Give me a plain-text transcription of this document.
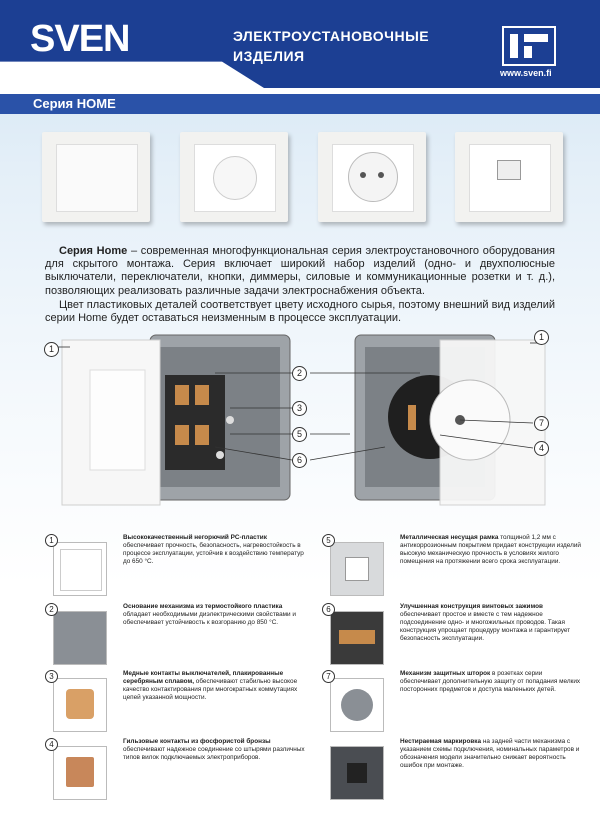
SVEN
YOU WANT – WE CAN
ЭЛЕКТРОУСТАНОВОЧНЫЕ
ИЗДЕЛИЯ
www.sven.fi
Серия HOME

Серия Home – современная многофункциональная серия электроустановочного оборудования для скрытого монтажа. Серия включает широкий набор изделий (одно- и двухполюсные выключатели, переключатели, кнопки, диммеры, силовые и коммуникационные розетки и т. д.), позволяющих реализовать различные задачи электроснабжения объекта.

Цвет пластиковых деталей соответствует цвету исходного сырья, поэтому внешний вид изделий серии Home будет оставаться неизменным в процессе эксплуатации.

1
2
3
5
6
1
7
4
1	Высококачественный негорючий PC-пластик обеспечивает прочность, безопасность, нагревостойкость в процессе эксплуатации, устойчив к воздействию температур до 650 °C.
2	Основание механизма из термостойкого пластика обладает необходимыми диэлектрическими свойствами и обеспечивает устойчивость к возгоранию до 850 °C.
3	Медные контакты выключателей, плакированные серебряным сплавом, обеспечивают стабильно высокое качество контактирования при многократных коммутациях цепей указанной мощности.
4	Гильзовые контакты из фосфористой бронзы обеспечивают надежное соединение со штырями различных типов вилок подключаемых электроприборов.
5	Металлическая несущая рамка толщиной 1,2 мм с антикоррозионным покрытием придает конструкции изделий высокую механическую прочность в условиях жилого помещения на протяжении всего срока эксплуатации.
6	Улучшенная конструкция винтовых зажимов обеспечивает простое и вместе с тем надежное подсоединение одно- и многожильных проводов. Такая конструкция упрощает процедуру монтажа и гарантирует безопасность эксплуатации.
7	Механизм защитных шторок в розетках серии обеспечивает дополнительную защиту от попадания мелких посторонних предметов и доступа маленьких детей.
Нестираемая маркировка на задней части механизма с указанием схемы подключения, номинальных параметров и обозначения модели значительно снижает вероятность ошибок при монтаже.
